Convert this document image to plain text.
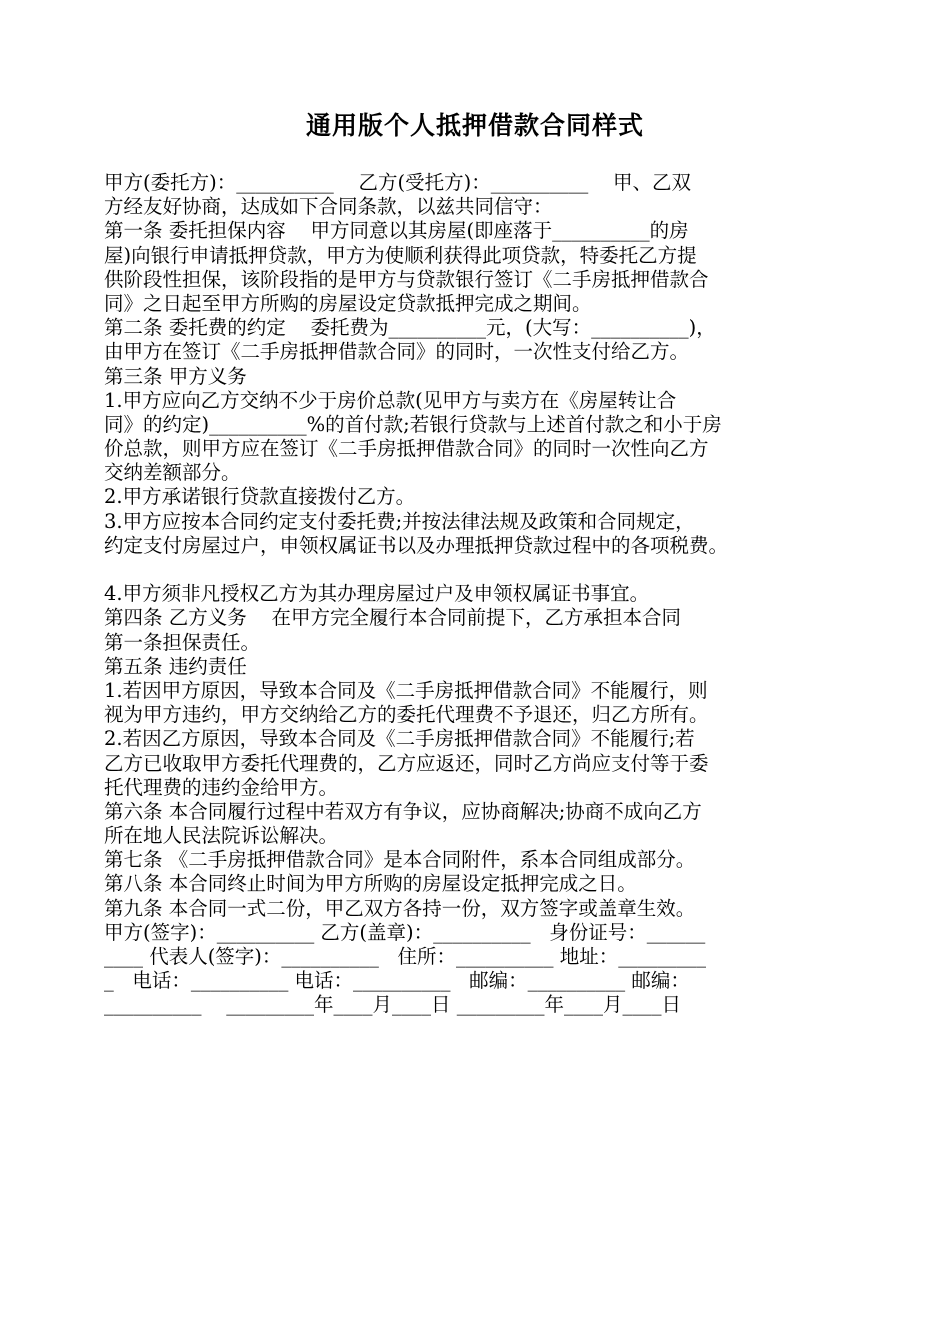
通用版个人抵押借款合同样式
甲方(委托方)：__________    乙方(受托方)：__________    甲、乙双
方经友好协商，达成如下合同条款，以兹共同信守：
第一条 委托担保内容    甲方同意以其房屋(即座落于__________的房
屋)向银行申请抵押贷款，甲方为使顺利获得此项贷款，特委托乙方提
供阶段性担保，该阶段指的是甲方与贷款银行签订《二手房抵押借款合
同》之日起至甲方所购的房屋设定贷款抵押完成之期间。
第二条 委托费的约定    委托费为__________元，(大写：__________)，
由甲方在签订《二手房抵押借款合同》的同时，一次性支付给乙方。
第三条 甲方义务
1.甲方应向乙方交纳不少于房价总款(见甲方与卖方在《房屋转让合
同》的约定)__________%的首付款;若银行贷款与上述首付款之和小于房
价总款，则甲方应在签订《二手房抵押借款合同》的同时一次性向乙方
交纳差额部分。
2.甲方承诺银行贷款直接拨付乙方。
3.甲方应按本合同约定支付委托费;并按法律法规及政策和合同规定，
约定支付房屋过户，申领权属证书以及办理抵押贷款过程中的各项税费。
4.甲方须非凡授权乙方为其办理房屋过户及申领权属证书事宜。
第四条 乙方义务    在甲方完全履行本合同前提下，乙方承担本合同
第一条担保责任。
第五条 违约责任
1.若因甲方原因，导致本合同及《二手房抵押借款合同》不能履行，则
视为甲方违约，甲方交纳给乙方的委托代理费不予退还，归乙方所有。
2.若因乙方原因，导致本合同及《二手房抵押借款合同》不能履行;若
乙方已收取甲方委托代理费的，乙方应返还，同时乙方尚应支付等于委
托代理费的违约金给甲方。
第六条 本合同履行过程中若双方有争议，应协商解决;协商不成向乙方
所在地人民法院诉讼解决。
第七条 《二手房抵押借款合同》是本合同附件，系本合同组成部分。
第八条 本合同终止时间为甲方所购的房屋设定抵押完成之日。
第九条 本合同一式二份，甲乙双方各持一份，双方签字或盖章生效。
甲方(签字)：__________ 乙方(盖章)：__________   身份证号：______
____ 代表人(签字)：__________   住所：__________ 地址：_________
_   电话：__________ 电话：__________   邮编：__________ 邮编：
__________    _________年____月____日 _________年____月____日
